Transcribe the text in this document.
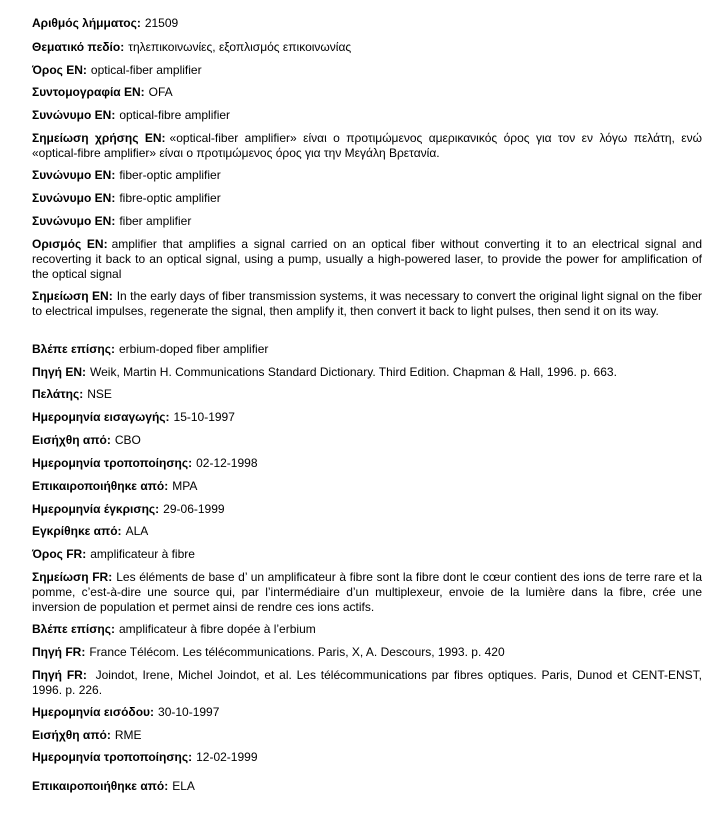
Αριθμός λήμματος: 21509
Θεματικό πεδίο: τηλεπικοινωνίες, εξοπλισμός επικοινωνίας
Όρος EN: optical-fiber amplifier
Συντομογραφία EN: OFA
Συνώνυμο EN: optical-fibre amplifier
Σημείωση χρήσης EN: «optical-fiber amplifier» είναι ο προτιμώμενος αμερικανικός όρος για τον εν λόγω πελάτη, ενώ «optical-fibre amplifier» είναι ο προτιμώμενος όρος για την Μεγάλη Βρετανία.
Συνώνυμο EN: fiber-optic amplifier
Συνώνυμο EN: fibre-optic amplifier
Συνώνυμο EN: fiber amplifier
Ορισμός EN: amplifier that amplifies a signal carried on an optical fiber without converting it to an electrical signal and recoverting it back to an optical signal, using a pump, usually a high-powered laser, to provide the power for amplification of the optical signal
Σημείωση EN: In the early days of fiber transmission systems, it was necessary to convert the original light signal on the fiber to electrical impulses, regenerate the signal, then amplify it, then convert it back to light pulses, then send it on its way.
Βλέπε επίσης: erbium-doped fiber amplifier
Πηγή EN: Weik, Martin H. Communications Standard Dictionary. Third Edition. Chapman & Hall, 1996. p. 663.
Πελάτης: NSE
Ημερομηνία εισαγωγής: 15-10-1997
Εισήχθη από: CBO
Ημερομηνία τροποποίησης: 02-12-1998
Επικαιροποιήθηκε από: MPA
Ημερομηνία έγκρισης: 29-06-1999
Εγκρίθηκε από: ALA
Όρος FR: amplificateur à fibre
Σημείωση FR: Les éléments de base d’ un amplificateur à fibre sont la fibre dont le cœur contient des ions de terre rare et la pomme, c’est-à-dire une source qui, par l’intermédiaire d’un multiplexeur, envoie de la lumière dans la fibre, crée une inversion de population et permet ainsi de rendre ces ions actifs.
Βλέπε επίσης: amplificateur à fibre dopée à l’erbium
Πηγή FR: France Télécom. Les télécommunications. Paris, X, A. Descours, 1993. p. 420
Πηγή FR: Joindot, Irene, Michel Joindot, et al. Les télécommunications par fibres optiques. Paris, Dunod et CENT-ENST, 1996. p. 226.
Ημερομηνία εισόδου: 30-10-1997
Εισήχθη από: RME
Ημερομηνία τροποποίησης: 12-02-1999
Επικαιροποιήθηκε από: ELA
